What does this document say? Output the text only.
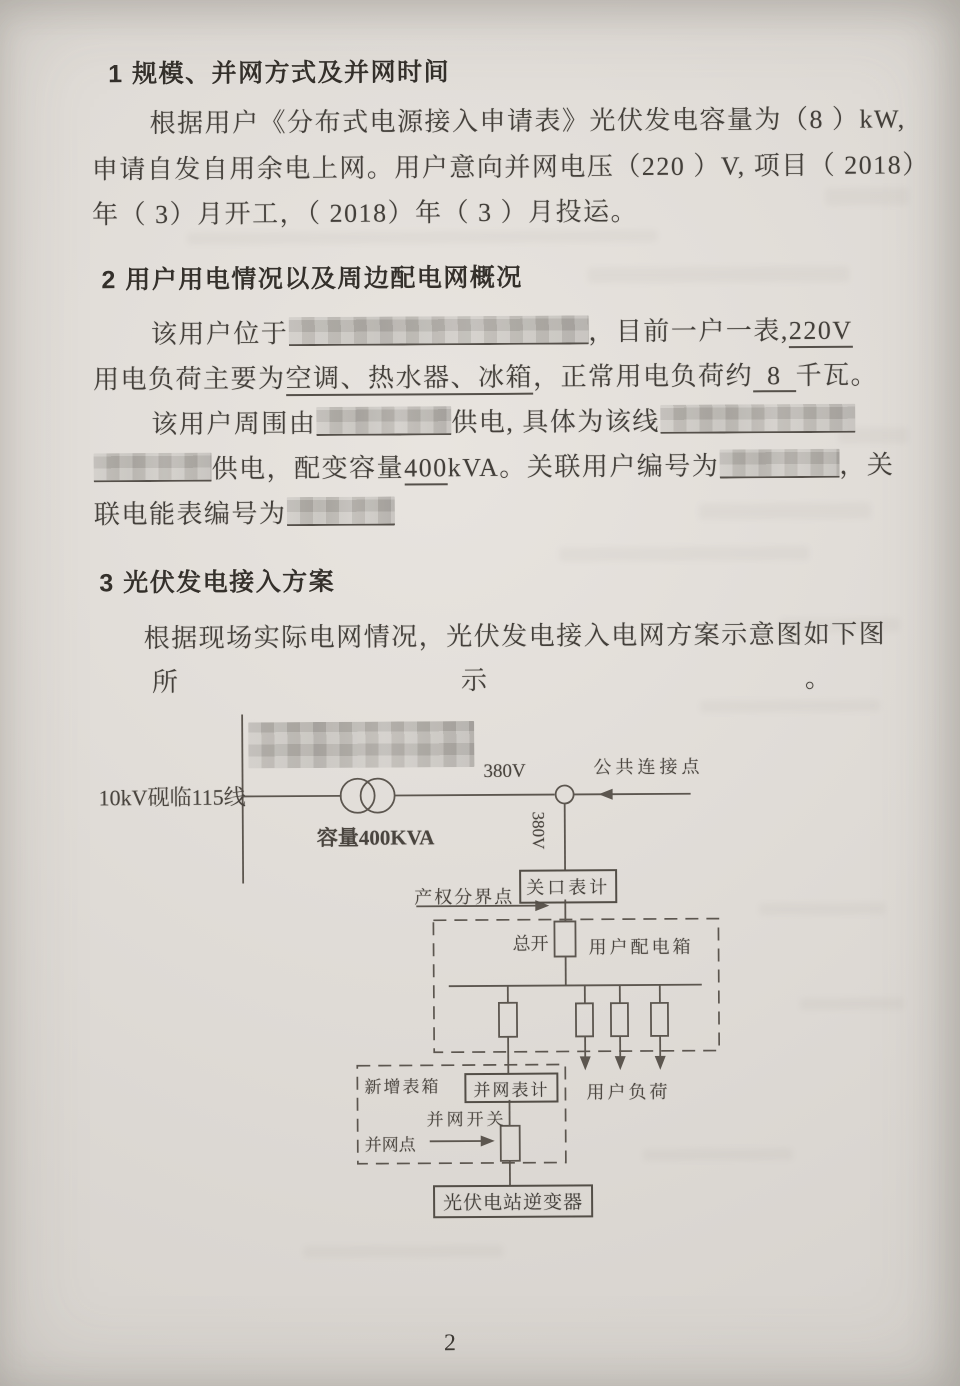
1 规模、并网方式及并网时间
根据用户《分布式电源接入申请表》光伏发电容量为（8 ）kW,
申请自发自用余电上网。用户意向并网电压（220 ）V, 项目（ 2018）
年（ 3）月开工，（ 2018）年（ 3 ）月投运。
2 用户用电情况以及周边配电网概况
该用户位于	，目前一户一表,220V
用电负荷主要为空调、热水器、冰箱，正常用电负荷约 8 千瓦。
该用户周围由	供电, 具体为该线
供电，配变容量400kVA。关联用户编号为	，关
联电能表编号为
3 光伏发电接入方案
根据现场实际电网情况，光伏发电接入电网方案示意图如下图
所	示	。
10kV砚临115线
容量400KVA
380V	公共连接点
380V
关口表计
产权分界点
总开 用户配电箱
新增表箱	并网表计
并网开关
并网点
用户负荷
光伏电站逆变器
2
